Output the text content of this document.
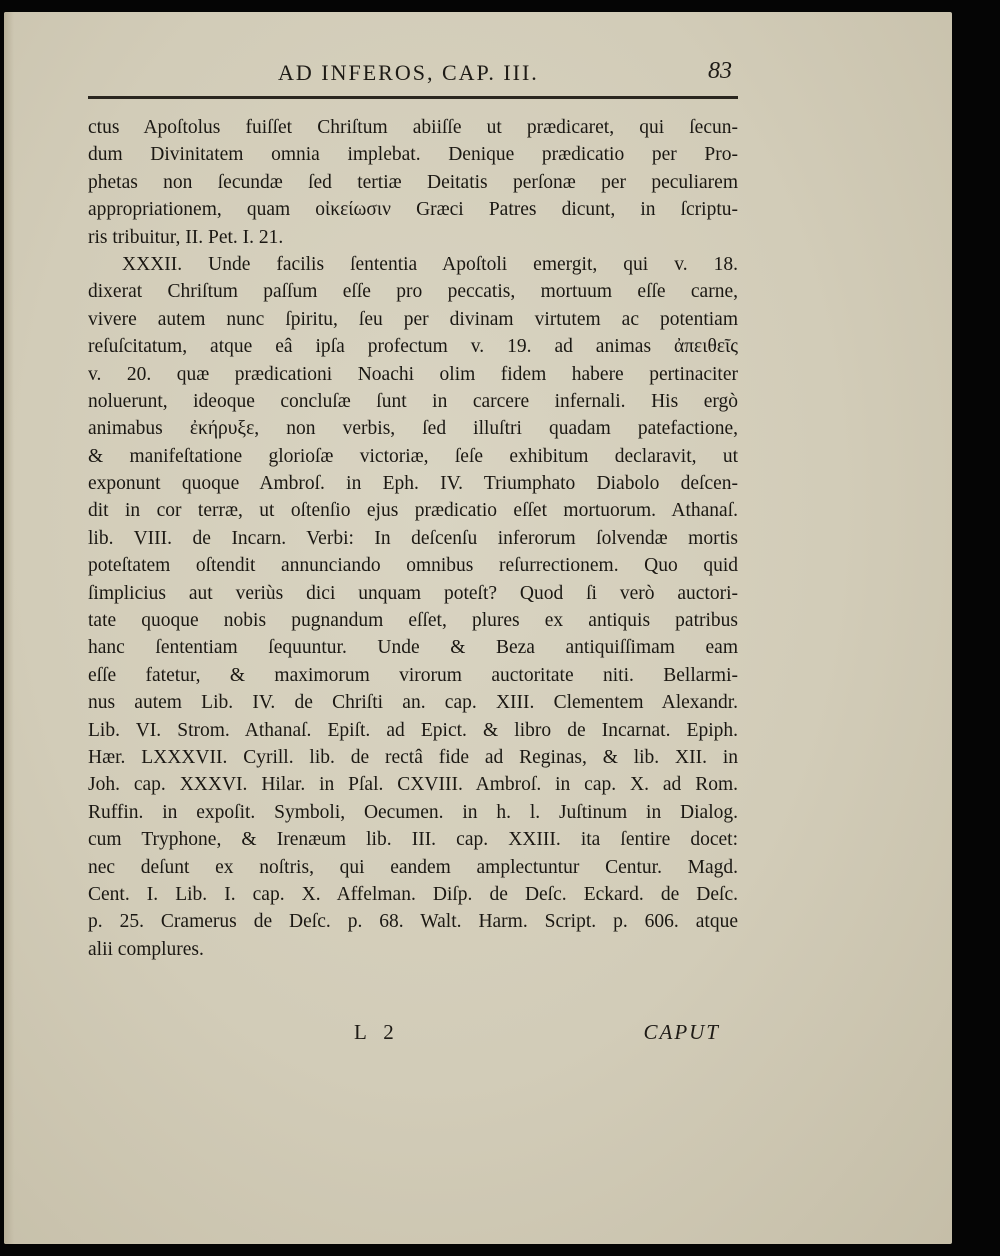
AD INFEROS, CAP. III.	83
ctus Apoſtolus fuiſſet Chriſtum abiiſſe ut prædicaret, qui ſecun-
dum Divinitatem omnia implebat. Denique prædicatio per Pro-
phetas non ſecundæ ſed tertiæ Deitatis perſonæ per peculiarem
appropriationem, quam οἰκείωσιν Græci Patres dicunt, in ſcriptu-
ris tribuitur, II. Pet. I. 21.
XXXII. Unde facilis ſententia Apoſtoli emergit, qui v. 18.
dixerat Chriſtum paſſum eſſe pro peccatis, mortuum eſſe carne,
vivere autem nunc ſpiritu, ſeu per divinam virtutem ac potentiam
reſuſcitatum, atque eâ ipſa profectum v. 19. ad animas ἀπειθεῖς
v. 20. quæ prædicationi Noachi olim fidem habere pertinaciter
noluerunt, ideoque concluſæ ſunt in carcere infernali. His ergò
animabus ἐκήρυξε, non verbis, ſed illuſtri quadam patefactione,
& manifeſtatione glorioſæ victoriæ, ſeſe exhibitum declaravit, ut
exponunt quoque Ambroſ. in Eph. IV. Triumphato Diabolo deſcen-
dit in cor terræ, ut oſtenſio ejus prædicatio eſſet mortuorum. Athanaſ.
lib. VIII. de Incarn. Verbi: In deſcenſu inferorum ſolvendæ mortis
poteſtatem oſtendit annunciando omnibus reſurrectionem. Quo quid
ſimplicius aut veriùs dici unquam poteſt? Quod ſi verò auctori-
tate quoque nobis pugnandum eſſet, plures ex antiquis patribus
hanc ſententiam ſequuntur. Unde & Beza antiquiſſimam eam
eſſe fatetur, & maximorum virorum auctoritate niti. Bellarmi-
nus autem Lib. IV. de Chriſti an. cap. XIII. Clementem Alexandr.
Lib. VI. Strom. Athanaſ. Epiſt. ad Epict. & libro de Incarnat. Epiph.
Hær. LXXXVII. Cyrill. lib. de rectâ fide ad Reginas, & lib. XII. in
Joh. cap. XXXVI. Hilar. in Pſal. CXVIII. Ambroſ. in cap. X. ad Rom.
Ruffin. in expoſit. Symboli, Oecumen. in h. l. Juſtinum in Dialog.
cum Tryphone, & Irenæum lib. III. cap. XXIII. ita ſentire docet:
nec deſunt ex noſtris, qui eandem amplectuntur Centur. Magd.
Cent. I. Lib. I. cap. X. Affelman. Diſp. de Deſc. Eckard. de Deſc.
p. 25. Cramerus de Deſc. p. 68. Walt. Harm. Script. p. 606. atque
alii complures.
L 2	CAPUT
